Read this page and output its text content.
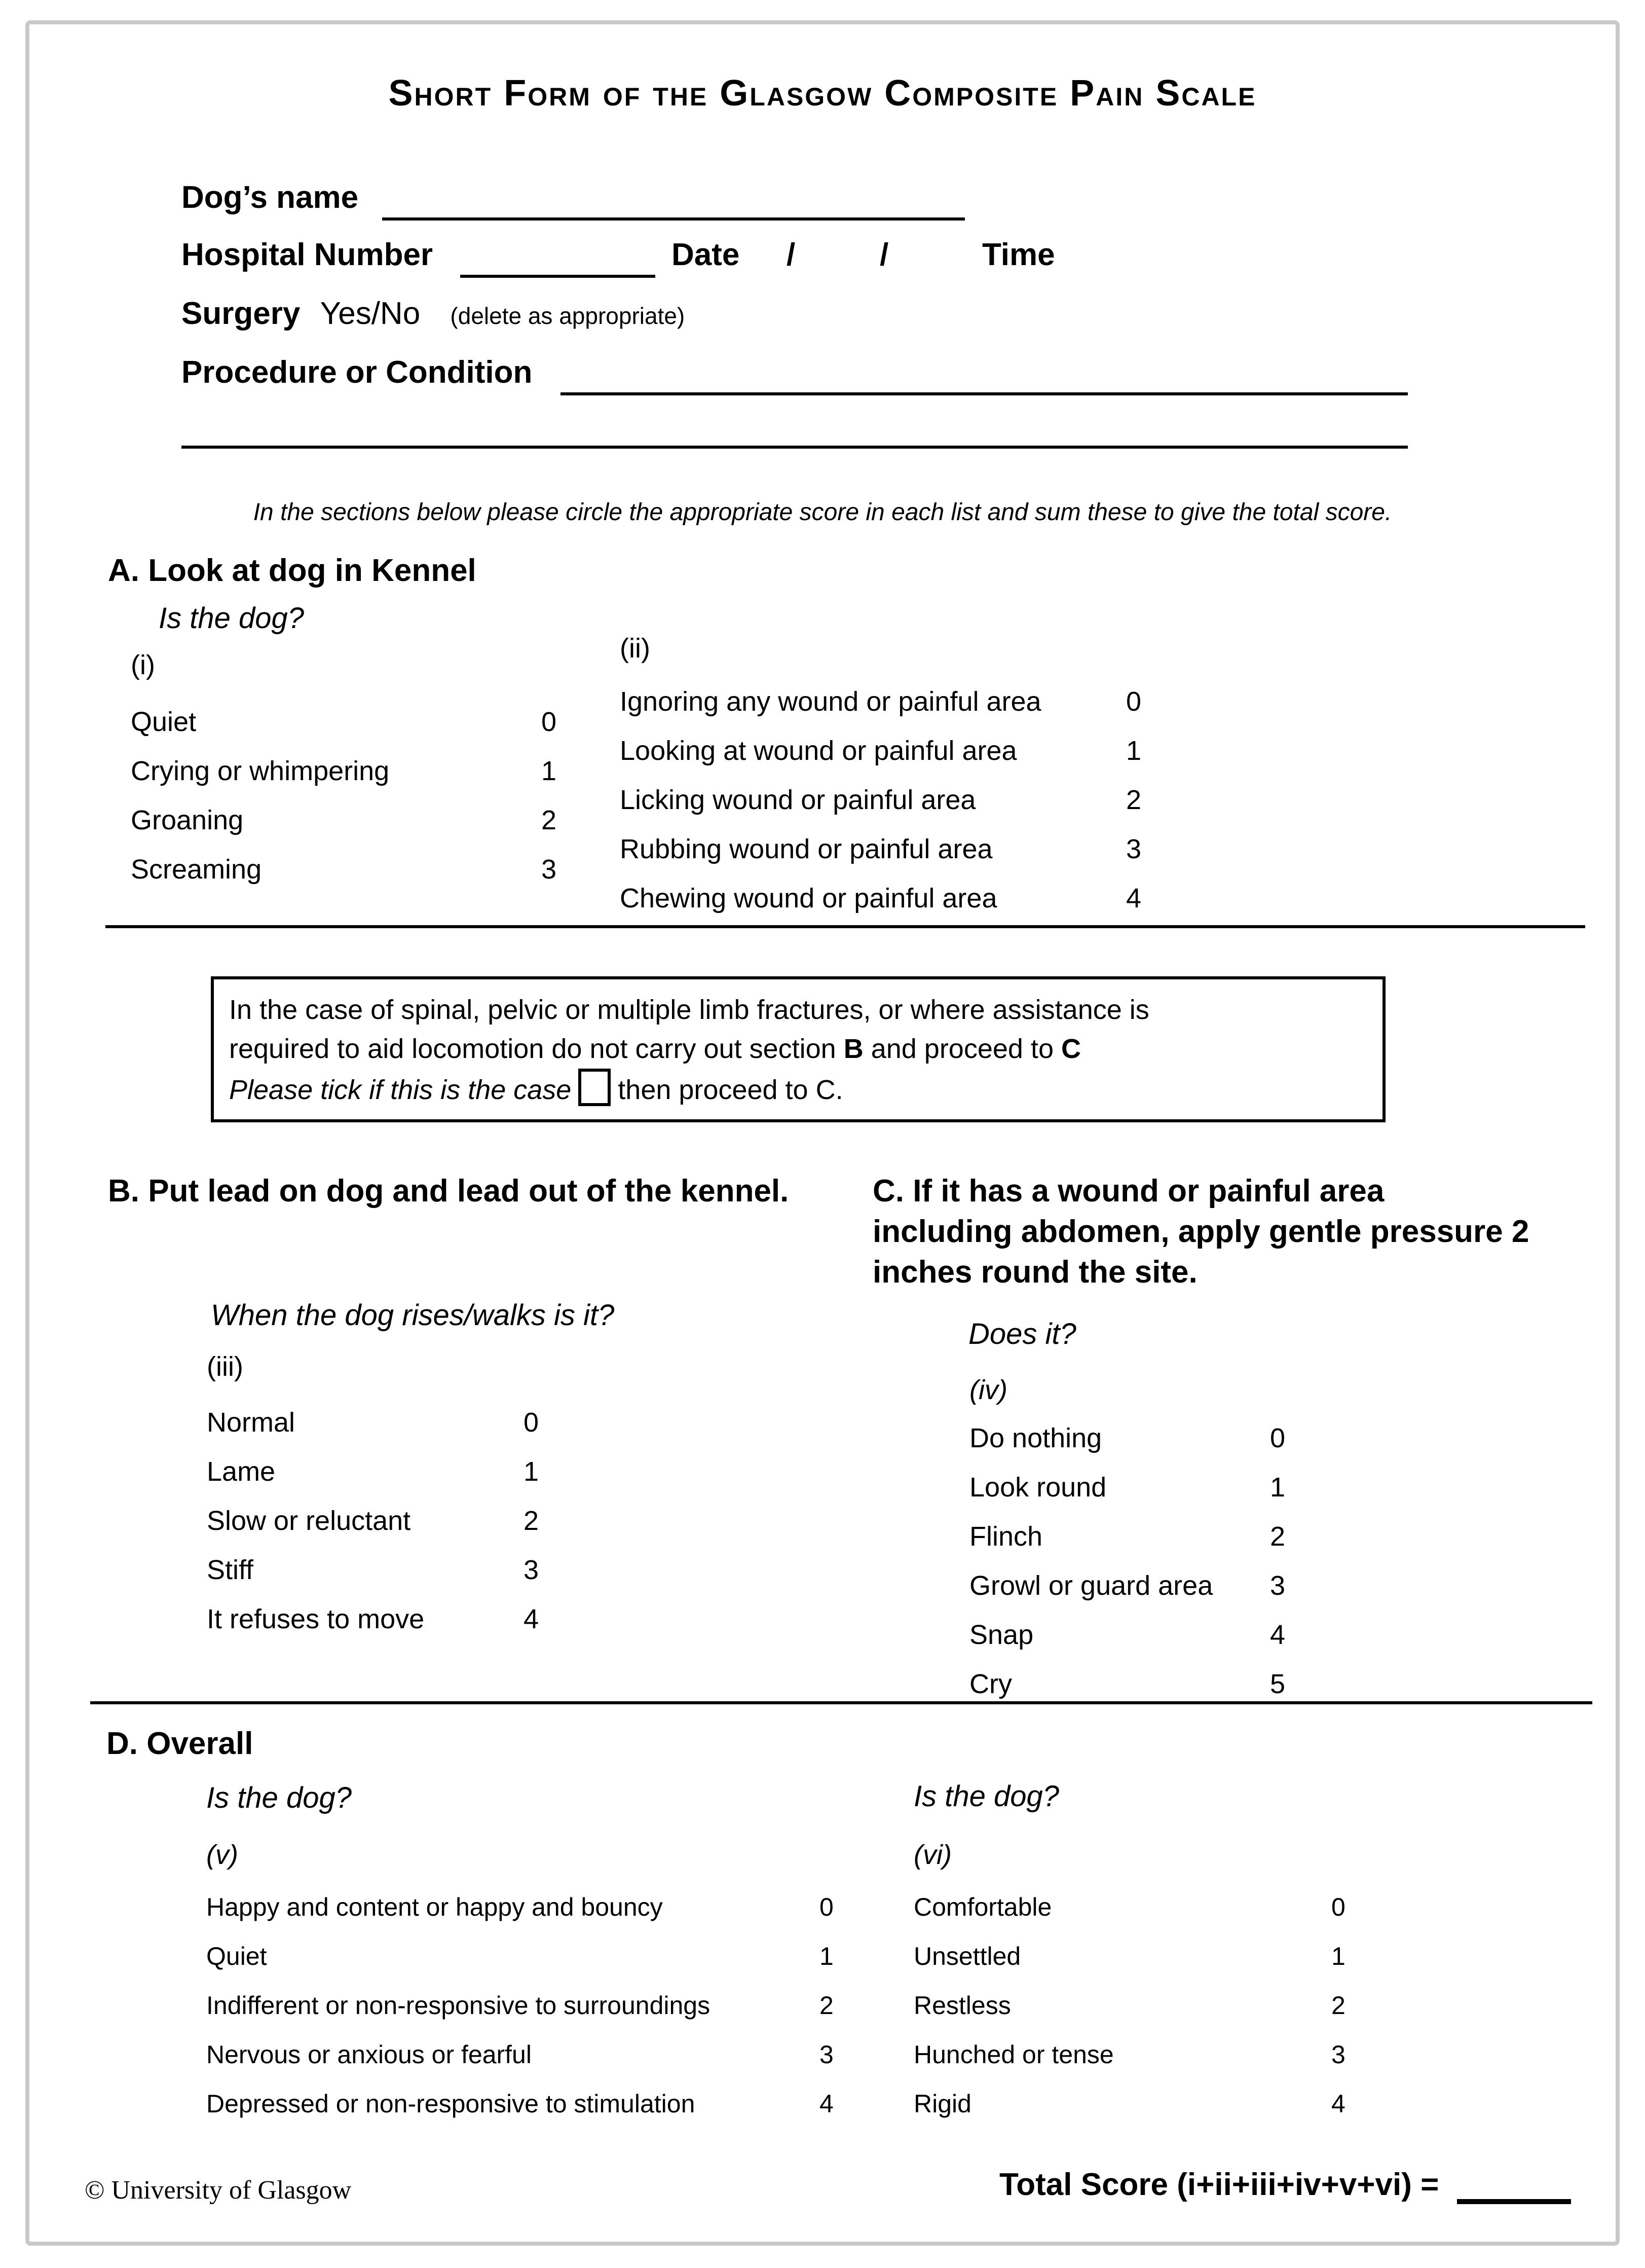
Short Form of the Glasgow Composite Pain Scale
Dog’s name
Hospital Number	Date /	/	Time
Surgery Yes/No (delete as appropriate)
Procedure or Condition
In the sections below please circle the appropriate score in each list and sum these to give the total score.
A. Look at dog in Kennel
Is the dog?
(i)
Quiet	0
Crying or whimpering	1
Groaning	2
Screaming	3
(ii)
Ignoring any wound or painful area	0
Looking at wound or painful area	1
Licking wound or painful area	2
Rubbing wound or painful area	3
Chewing wound or painful area	4
In the case of spinal, pelvic or multiple limb fractures, or where assistance is
required to aid locomotion do not carry out section B and proceed to C
Please tick if this is the case then proceed to C.
B. Put lead on dog and lead out of the kennel.	C. If it has a wound or painful area
including abdomen, apply gentle pressure 2
inches round the site.
When the dog rises/walks is it?
(iii)
Normal	0
Lame	1
Slow or reluctant	2
Stiff	3
It refuses to move	4
Does it?
(iv)
Do nothing	0
Look round	1
Flinch	2
Growl or guard area 3
Snap	4
Cry	5
D. Overall
Is the dog?
(v)
Happy and content or happy and bouncy	0
Quiet	1
Indifferent or non-responsive to surroundings	2
Nervous or anxious or fearful	3
Depressed or non-responsive to stimulation	4
Is the dog?
(vi)
Comfortable	0
Unsettled	1
Restless	2
Hunched or tense	3
Rigid	4
© University of Glasgow	Total Score (i+ii+iii+iv+v+vi) =
